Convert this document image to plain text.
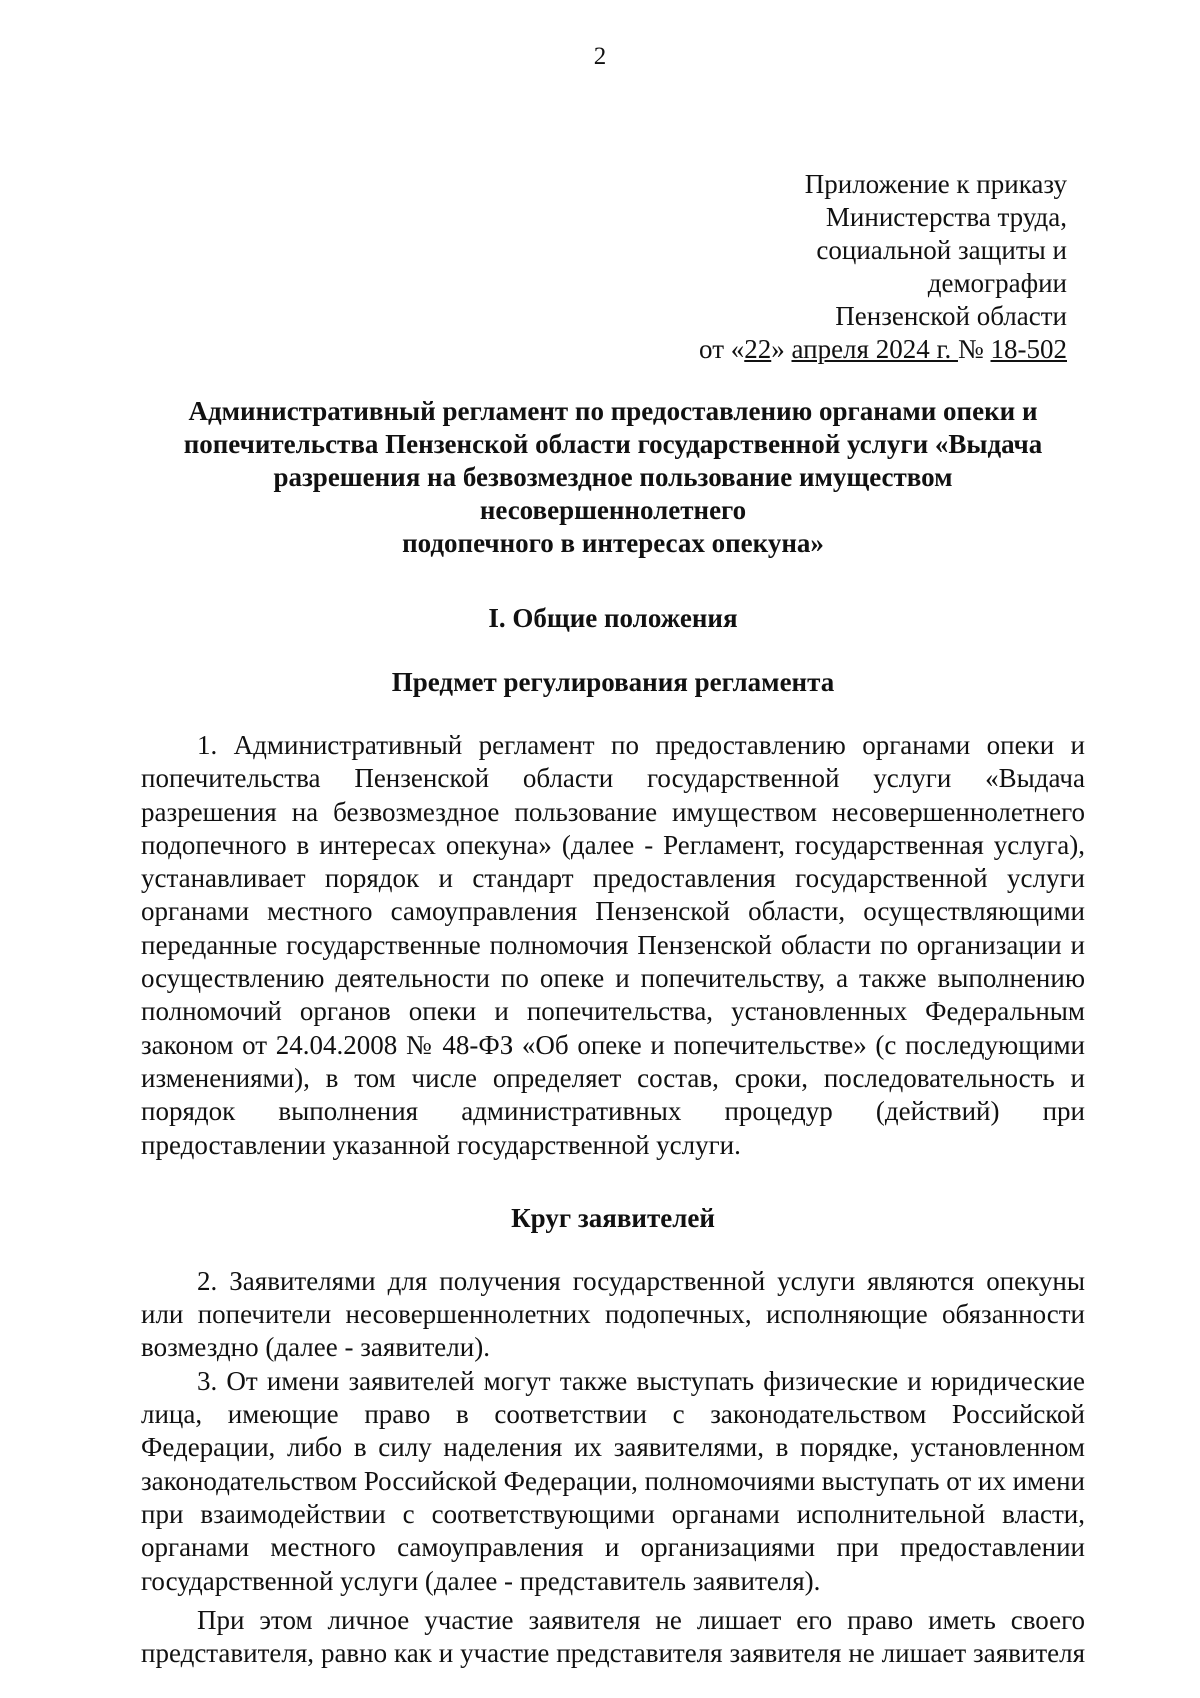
2
Приложение к приказу
Министерства труда,
социальной защиты и
демографии
Пензенской области
от «22» апреля 2024 г. № 18-502
Административный регламент по предоставлению органами опеки и
попечительства Пензенской области государственной услуги «Выдача
разрешения на безвозмездное пользование имуществом несовершеннолетнего
подопечного в интересах опекуна»
I. Общие положения
Предмет регулирования регламента

1. Административный регламент по предоставлению органами опеки и попечительства Пензенской области государственной услуги «Выдача разрешения на безвозмездное пользование имуществом несовершеннолетнего подопечного в интересах опекуна» (далее - Регламент, государственная услуга), устанавливает порядок и стандарт предоставления государственной услуги органами местного самоуправления Пензенской области, осуществляющими переданные государственные полномочия Пензенской области по организации и осуществлению деятельности по опеке и попечительству, а также выполнению полномочий органов опеки и попечительства, установленных Федеральным законом от 24.04.2008 № 48-ФЗ «Об опеке и попечительстве» (с последующими изменениями), в том числе определяет состав, сроки, последовательность и порядок выполнения административных процедур (действий) при предоставлении указанной государственной услуги.

Круг заявителей

2. Заявителями для получения государственной услуги являются опекуны или попечители несовершеннолетних подопечных, исполняющие обязанности возмездно (далее - заявители).

3. От имени заявителей могут также выступать физические и юридические лица, имеющие право в соответствии с законодательством Российской Федерации, либо в силу наделения их заявителями, в порядке, установленном законодательством Российской Федерации, полномочиями выступать от их имени при взаимодействии с соответствующими органами исполнительной власти, органами местного самоуправления и организациями при предоставлении государственной услуги (далее - представитель заявителя).

При этом личное участие заявителя не лишает его право иметь своего представителя, равно как и участие представителя заявителя не лишает заявителя
